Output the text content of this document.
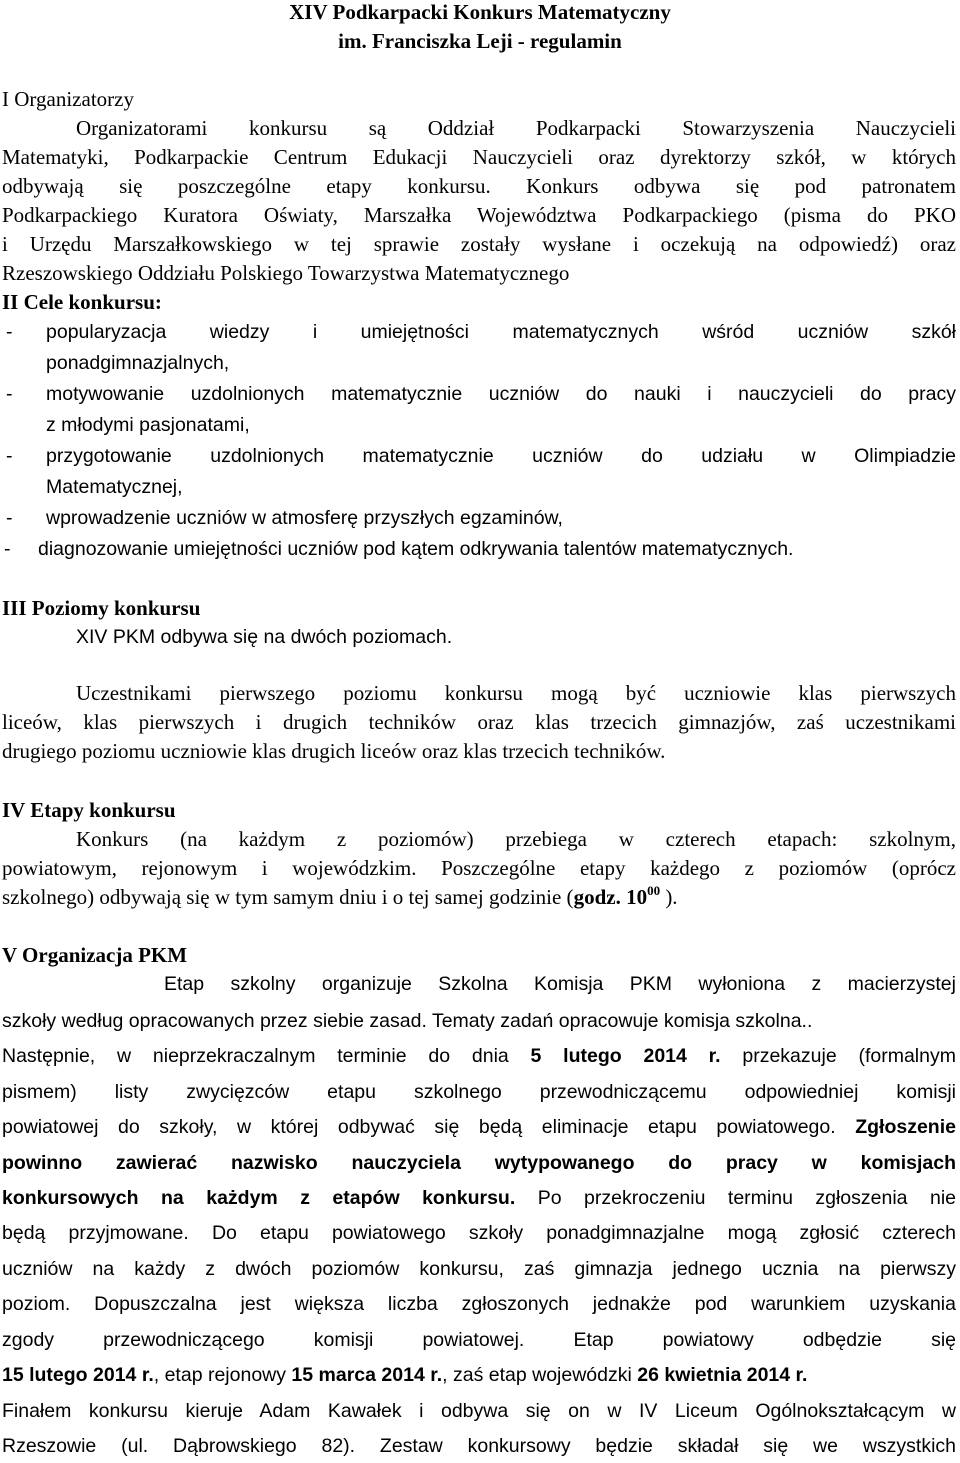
XIV Podkarpacki Konkurs Matematyczny
im. Franciszka Leji - regulamin
I Organizatorzy
Organizatorami konkursu są Oddział Podkarpacki Stowarzyszenia Nauczycieli
Matematyki, Podkarpackie Centrum Edukacji Nauczycieli oraz dyrektorzy szkół, w których
odbywają się poszczególne etapy konkursu. Konkurs odbywa się pod patronatem
Podkarpackiego Kuratora Oświaty, Marszałka Województwa Podkarpackiego (pisma do PKO
i Urzędu Marszałkowskiego w tej sprawie zostały wysłane i oczekują na odpowiedź) oraz
Rzeszowskiego Oddziału Polskiego Towarzystwa Matematycznego
II Cele konkursu:
-	popularyzacja wiedzy i umiejętności matematycznych wśród uczniów szkół
ponadgimnazjalnych,
-	motywowanie uzdolnionych matematycznie uczniów do nauki i nauczycieli do pracy
z młodymi pasjonatami,
-	przygotowanie uzdolnionych matematycznie uczniów do udziału w Olimpiadzie
Matematycznej,
-	wprowadzenie uczniów w atmosferę przyszłych egzaminów,
-	diagnozowanie umiejętności uczniów pod kątem odkrywania talentów matematycznych.
III Poziomy konkursu
XIV PKM odbywa się na dwóch poziomach.
Uczestnikami pierwszego poziomu konkursu mogą być uczniowie klas pierwszych
liceów, klas pierwszych i drugich techników oraz klas trzecich gimnazjów, zaś uczestnikami
drugiego poziomu uczniowie klas drugich liceów oraz klas trzecich techników.
IV Etapy konkursu
Konkurs (na każdym z poziomów) przebiega w czterech etapach: szkolnym,
powiatowym, rejonowym i wojewódzkim. Poszczególne etapy każdego z poziomów (oprócz
szkolnego) odbywają się w tym samym dniu i o tej samej godzinie (godz. $10^{00}$ ).
V Organizacja PKM
Etap szkolny organizuje Szkolna Komisja PKM wyłoniona z macierzystej
szkoły według opracowanych przez siebie zasad. Tematy zadań opracowuje komisja szkolna..
Następnie, w nieprzekraczalnym terminie do dnia 5 lutego 2014 r. przekazuje (formalnym
pismem) listy zwycięzców etapu szkolnego przewodniczącemu odpowiedniej komisji
powiatowej do szkoły, w której odbywać się będą eliminacje etapu powiatowego. Zgłoszenie
powinno zawierać nazwisko nauczyciela wytypowanego do pracy w komisjach
konkursowych na każdym z etapów konkursu. Po przekroczeniu terminu zgłoszenia nie
będą przyjmowane. Do etapu powiatowego szkoły ponadgimnazjalne mogą zgłosić czterech
uczniów na każdy z dwóch poziomów konkursu, zaś gimnazja jednego ucznia na pierwszy
poziom. Dopuszczalna jest większa liczba zgłoszonych jednakże pod warunkiem uzyskania
zgody przewodniczącego komisji powiatowej. Etap powiatowy odbędzie się
15 lutego 2014 r., etap rejonowy 15 marca 2014 r., zaś etap wojewódzki 26 kwietnia 2014 r.
Finałem konkursu kieruje Adam Kawałek i odbywa się on w IV Liceum Ogólnokształcącym w
Rzeszowie (ul. Dąbrowskiego 82). Zestaw konkursowy będzie składał się we wszystkich
